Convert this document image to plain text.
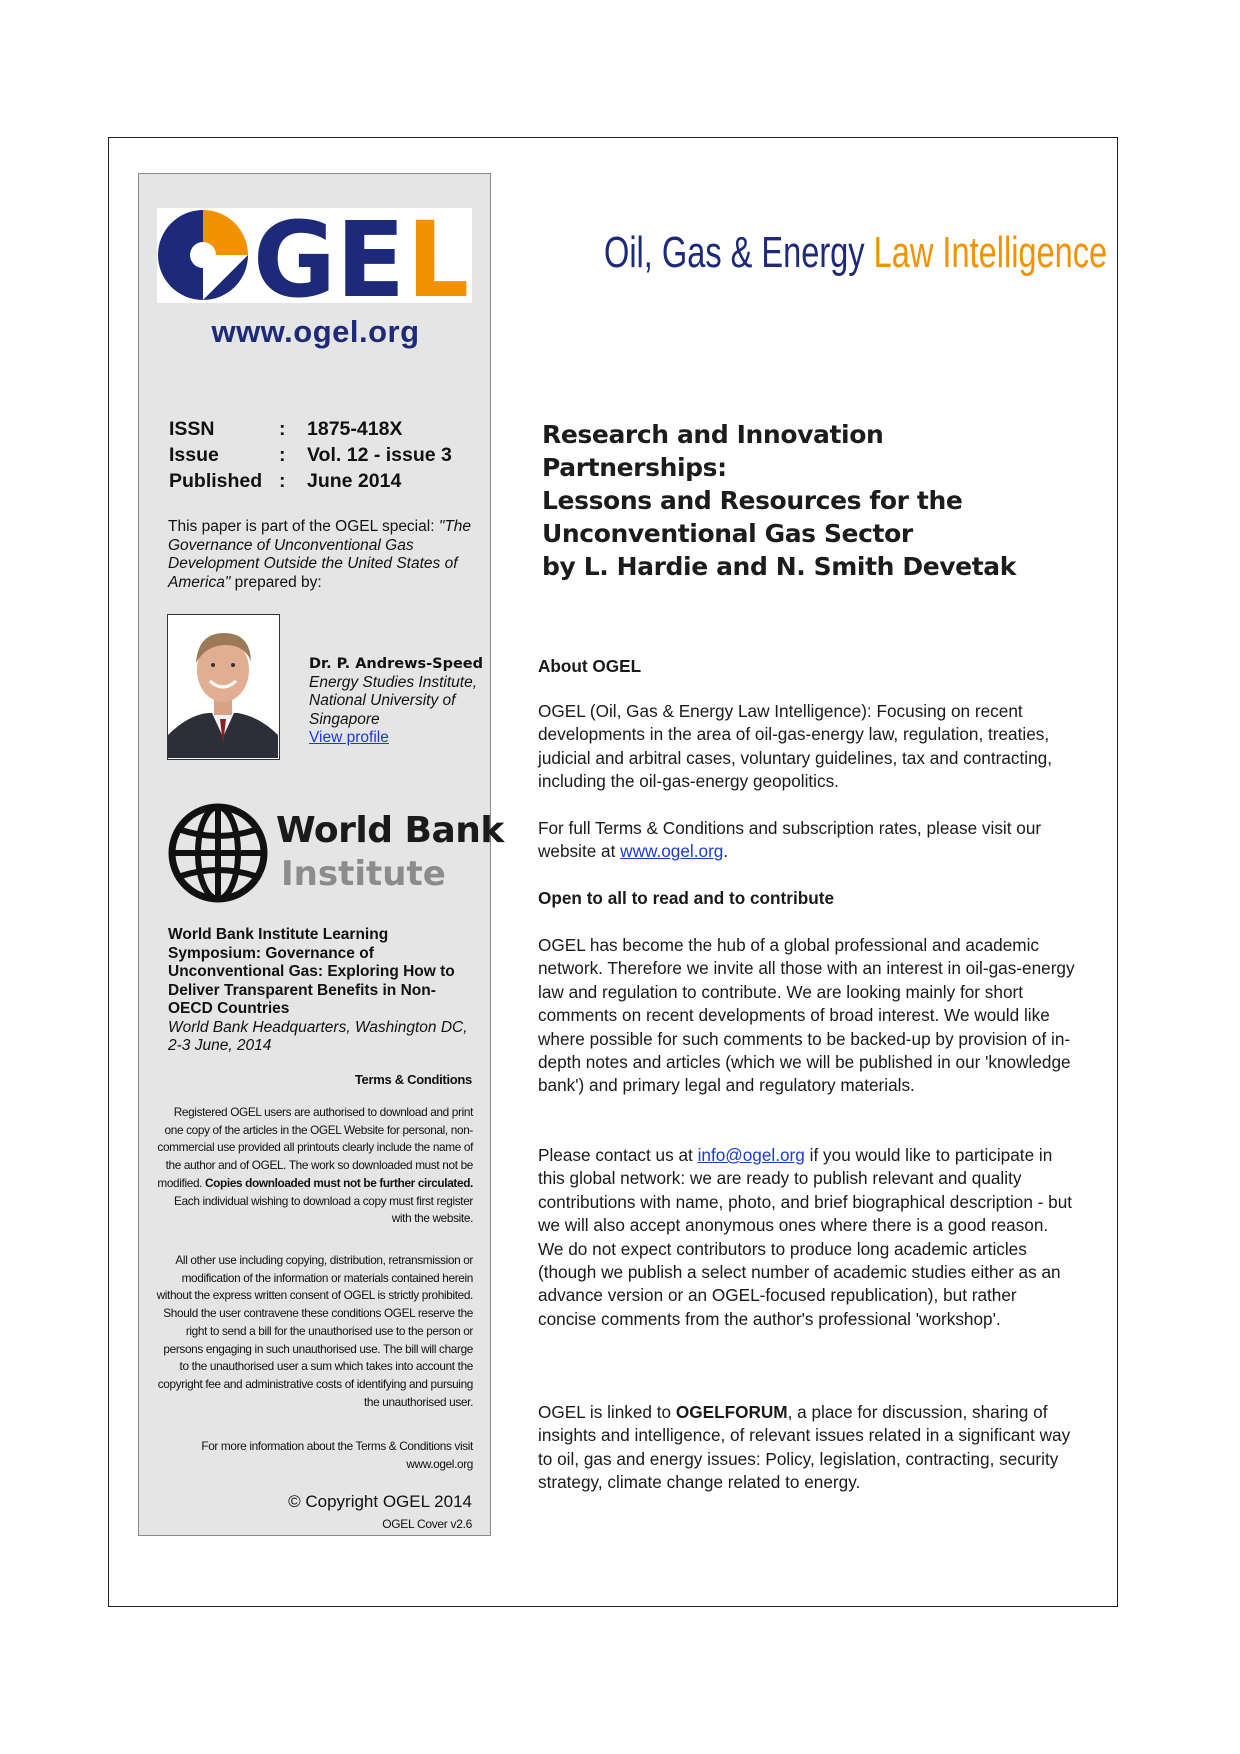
GE L
www.ogel.org
ISSN	: 1875-418X
Issue	: Vol. 12 - issue 3
Published : June 2014
This paper is part of the OGEL special: "The Governance of Unconventional Gas Development Outside the United States of America" prepared by:
Dr. P. Andrews-Speed
Energy Studies Institute,
National University of Singapore
View profile
World Bank
Institute
World Bank Institute Learning Symposium: Governance of Unconventional Gas: Exploring How to Deliver Transparent Benefits in Non-OECD Countries
World Bank Headquarters, Washington DC, 2-3 June, 2014
Terms & Conditions
Registered OGEL users are authorised to download and print one copy of the articles in the OGEL Website for personal, non-commercial use provided all printouts clearly include the name of the author and of OGEL. The work so downloaded must not be modified. Copies downloaded must not be further circulated. Each individual wishing to download a copy must first register with the website.
All other use including copying, distribution, retransmission or modification of the information or materials contained herein without the express written consent of OGEL is strictly prohibited. Should the user contravene these conditions OGEL reserve the right to send a bill for the unauthorised use to the person or persons engaging in such unauthorised use. The bill will charge to the unauthorised user a sum which takes into account the copyright fee and administrative costs of identifying and pursuing the unauthorised user.
For more information about the Terms & Conditions visit www.ogel.org
© Copyright OGEL 2014
OGEL Cover v2.6
Oil, Gas & Energy Law Intelligence
Research and Innovation Partnerships:
Lessons and Resources for the
Unconventional Gas Sector
by L. Hardie and N. Smith Devetak
About OGEL
OGEL (Oil, Gas & Energy Law Intelligence): Focusing on recent developments in the area of oil-gas-energy law, regulation, treaties, judicial and arbitral cases, voluntary guidelines, tax and contracting, including the oil-gas-energy geopolitics.
For full Terms & Conditions and subscription rates, please visit our website at www.ogel.org.
Open to all to read and to contribute
OGEL has become the hub of a global professional and academic network. Therefore we invite all those with an interest in oil-gas-energy law and regulation to contribute. We are looking mainly for short comments on recent developments of broad interest. We would like where possible for such comments to be backed-up by provision of in-depth notes and articles (which we will be published in our 'knowledge bank') and primary legal and regulatory materials.
Please contact us at info@ogel.org if you would like to participate in this global network: we are ready to publish relevant and quality contributions with name, photo, and brief biographical description - but we will also accept anonymous ones where there is a good reason. We do not expect contributors to produce long academic articles (though we publish a select number of academic studies either as an advance version or an OGEL-focused republication), but rather concise comments from the author's professional 'workshop'.
OGEL is linked to OGELFORUM, a place for discussion, sharing of insights and intelligence, of relevant issues related in a significant way to oil, gas and energy issues: Policy, legislation, contracting, security strategy, climate change related to energy.
